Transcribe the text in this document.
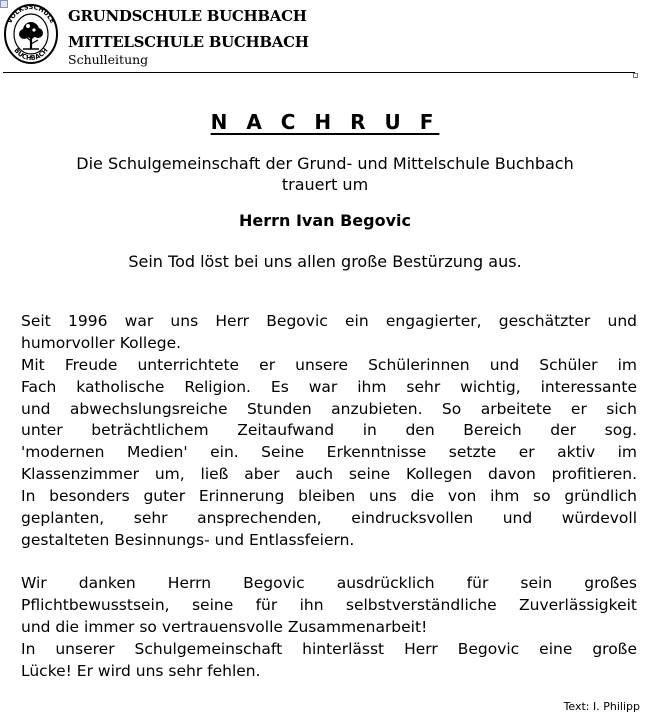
VOLKSSCHULE
BUCHBACH
GRUNDSCHULE BUCHBACH
MITTELSCHULE BUCHBACH
Schulleitung
N A C H R U F
Die Schulgemeinschaft der Grund- und Mittelschule Buchbach
trauert um
Herrn Ivan Begovic
Sein Tod löst bei uns allen große Bestürzung aus.
Seit 1996 war uns Herr Begovic ein engagierter, geschätzter und
humorvoller Kollege.
Mit Freude unterrichtete er unsere Schülerinnen und Schüler im
Fach katholische Religion. Es war ihm sehr wichtig, interessante
und abwechslungsreiche Stunden anzubieten. So arbeitete er sich
unter beträchtlichem Zeitaufwand in den Bereich der sog.
'modernen Medien' ein. Seine Erkenntnisse setzte er aktiv im
Klassenzimmer um, ließ aber auch seine Kollegen davon profitieren.
In besonders guter Erinnerung bleiben uns die von ihm so gründlich
geplanten, sehr ansprechenden, eindrucksvollen und würdevoll
gestalteten Besinnungs- und Entlassfeiern.
Wir danken Herrn Begovic ausdrücklich für sein großes
Pflichtbewusstsein, seine für ihn selbstverständliche Zuverlässigkeit
und die immer so vertrauensvolle Zusammenarbeit!
In unserer Schulgemeinschaft hinterlässt Herr Begovic eine große
Lücke! Er wird uns sehr fehlen.
Text: I. Philipp
